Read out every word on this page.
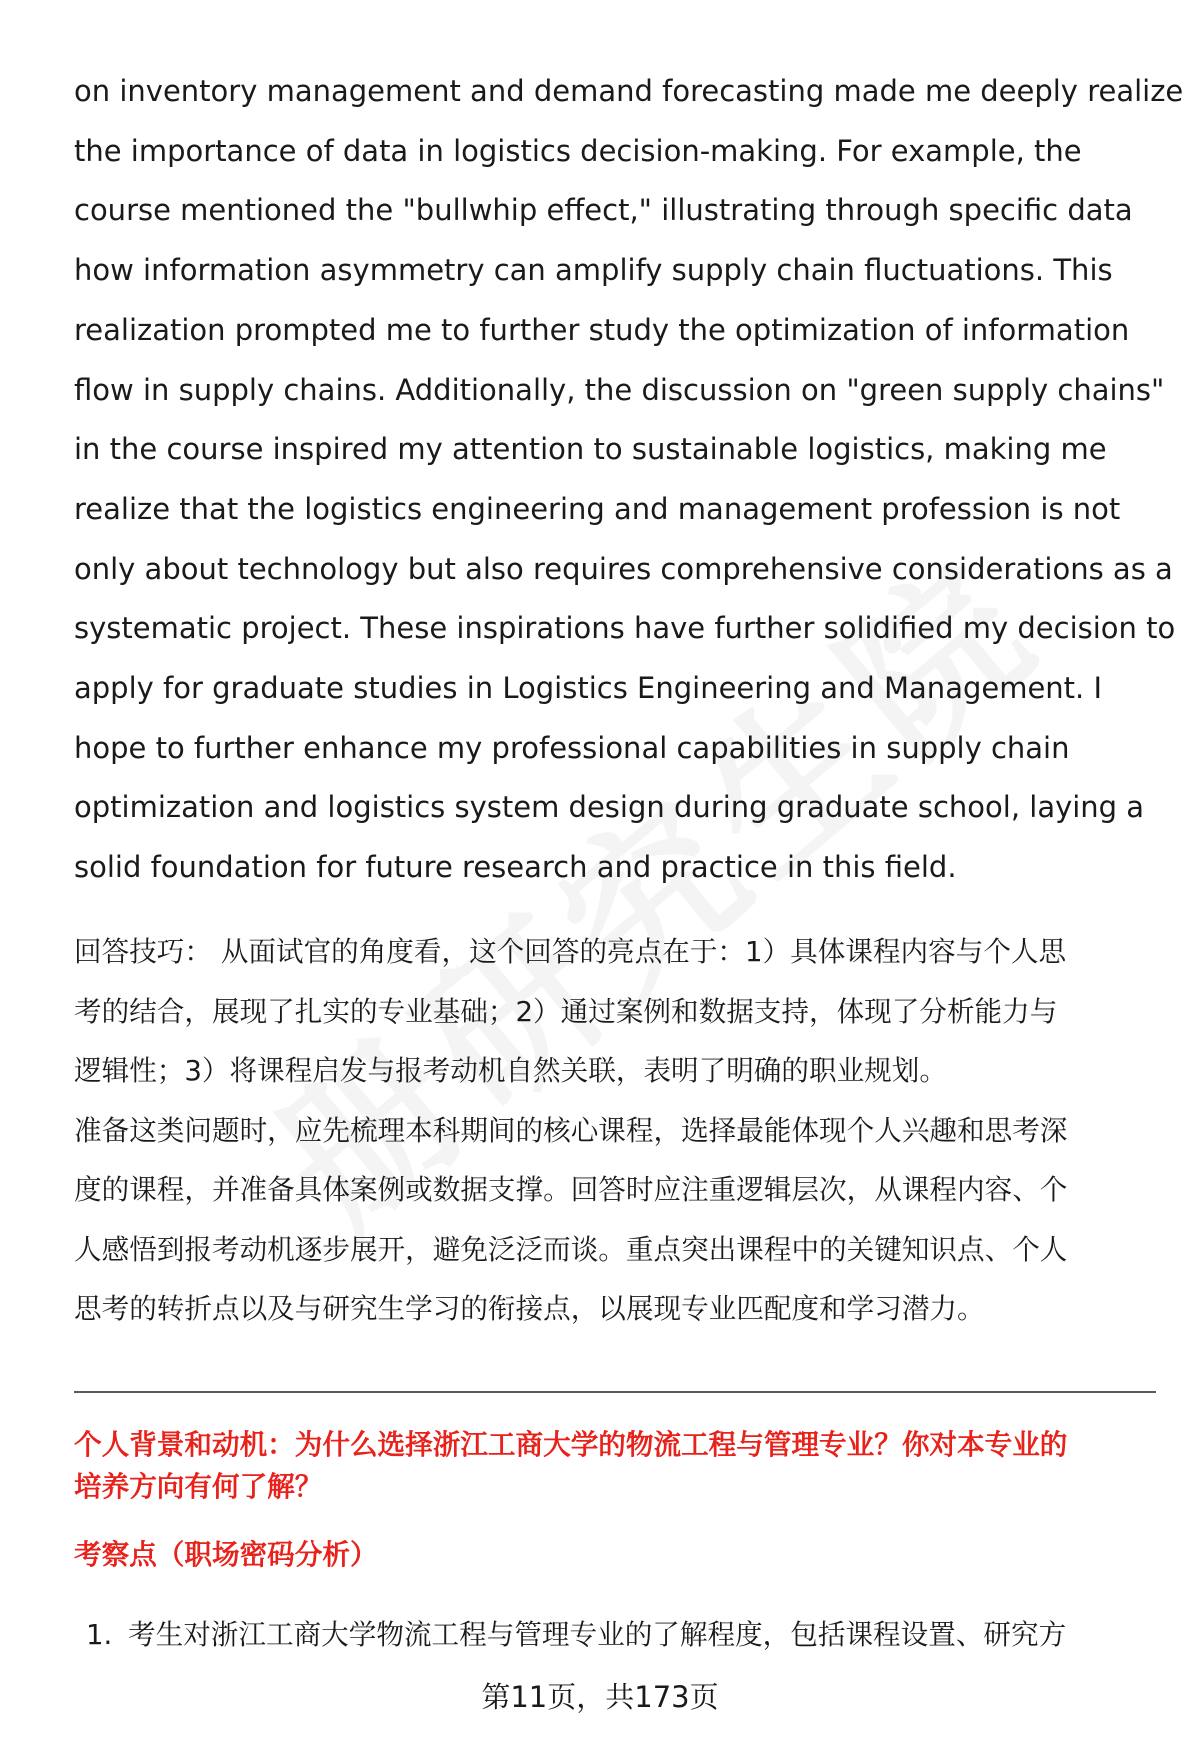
on inventory management and demand forecasting made me deeply realize
the importance of data in logistics decision-making. For example, the
course mentioned the "bullwhip effect," illustrating through specific data
how information asymmetry can amplify supply chain fluctuations. This
realization prompted me to further study the optimization of information
flow in supply chains. Additionally, the discussion on "green supply chains"
in the course inspired my attention to sustainable logistics, making me
realize that the logistics engineering and management profession is not
only about technology but also requires comprehensive considerations as a
systematic project. These inspirations have further solidified my decision to
apply for graduate studies in Logistics Engineering and Management. I
hope to further enhance my professional capabilities in supply chain
optimization and logistics system design during graduate school, laying a
solid foundation for future research and practice in this field.

回答技巧： 从面试官的角度看，这个回答的亮点在于：1）具体课程内容与个人思
考的结合，展现了扎实的专业基础；2）通过案例和数据支持，体现了分析能力与
逻辑性；3）将课程启发与报考动机自然关联，表明了明确的职业规划。
准备这类问题时，应先梳理本科期间的核心课程，选择最能体现个人兴趣和思考深
度的课程，并准备具体案例或数据支撑。回答时应注重逻辑层次，从课程内容、个
人感悟到报考动机逐步展开，避免泛泛而谈。重点突出课程中的关键知识点、个人
思考的转折点以及与研究生学习的衔接点，以展现专业匹配度和学习潜力。

个人背景和动机：为什么选择浙江工商大学的物流工程与管理专业？你对本专业的
培养方向有何了解？
考察点（职场密码分析）
1. 考生对浙江工商大学物流工程与管理专业的了解程度，包括课程设置、研究方
第11页，共173页
